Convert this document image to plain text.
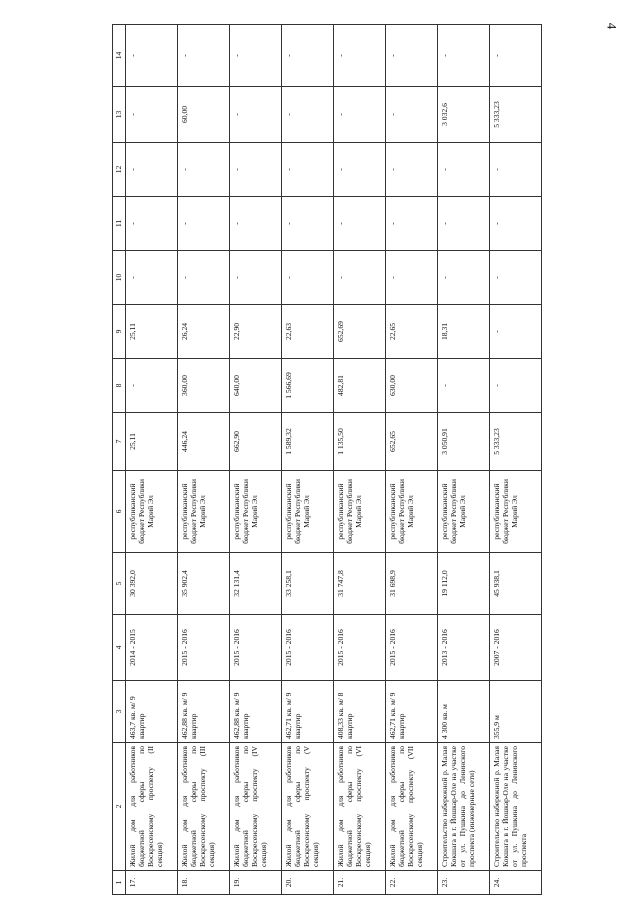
4
1	2	3	4	5	6	7	8	9	10	11	12	13	14
17.	Жилой дом для работников бюджетной сферы по Воскресенскому проспекту (II секция)	463,7 кв. м/ 9 квартир	2014 - 2015	30 392,0	республиканский бюджет Республики Марий Эл	25,11	-	25,11	-	-	-	-	-
18.	Жилой дом для работников бюджетной сферы по Воскресенскому проспекту (III секция)	462,88 кв. м/ 9 квартир	2015 - 2016	35 902,4	республиканский бюджет Республики Марий Эл	446,24	360,00	26,24	-	-	-	60,00	-
19.	Жилой дом для работников бюджетной сферы по Воскресенскому проспекту (IV секция)	462,88 кв. м/ 9 квартир	2015 - 2016	32 131,4	республиканский бюджет Республики Марий Эл	662,90	640,00	22,90	-	-	-	-	-
20.	Жилой дом для работников бюджетной сферы по Воскресенскому проспекту (V секция)	462,71 кв. м/ 9 квартир	2015 - 2016	33 258,1	республиканский бюджет Республики Марий Эл	1 589,32	1 566,69	22,63	-	-	-	-	-
21.	Жилой дом для работников бюджетной сферы по Воскресенскому проспекту (VI секция)	408,33 кв. м/ 8 квартир	2015 - 2016	31 747,8	республиканский бюджет Республики Марий Эл	1 135,50	482,81	652,69	-	-	-	-	-
22.	Жилой дом для работников бюджетной сферы по Воскресенскому проспекту (VII секция)	462,71 кв. м/ 9 квартир	2015 - 2016	31 698,9	республиканский бюджет Республики Марий Эл	652,65	630,00	22,65	-	-	-	-	-
23.	Строительство набережной р. Малая Кокшага в г. Йошкар-Оле на участке от ул. Пушкина до Ленинского проспекта (инженерные сети)	4 300 кв. м	2013 - 2016	19 112,0	республиканский бюджет Республики Марий Эл	3 050,91	-	18,31	-	-	-	3 032,6	-
24.	Строительство набережной р. Малая Кокшага в г. Йошкар-Оле на участке от ул. Пушкина до Ленинского проспекта	355,9 м	2007 - 2016	45 938,1	республиканский бюджет Республики Марий Эл	5 333,23	-	-	-	-	-	5 333,23	-
